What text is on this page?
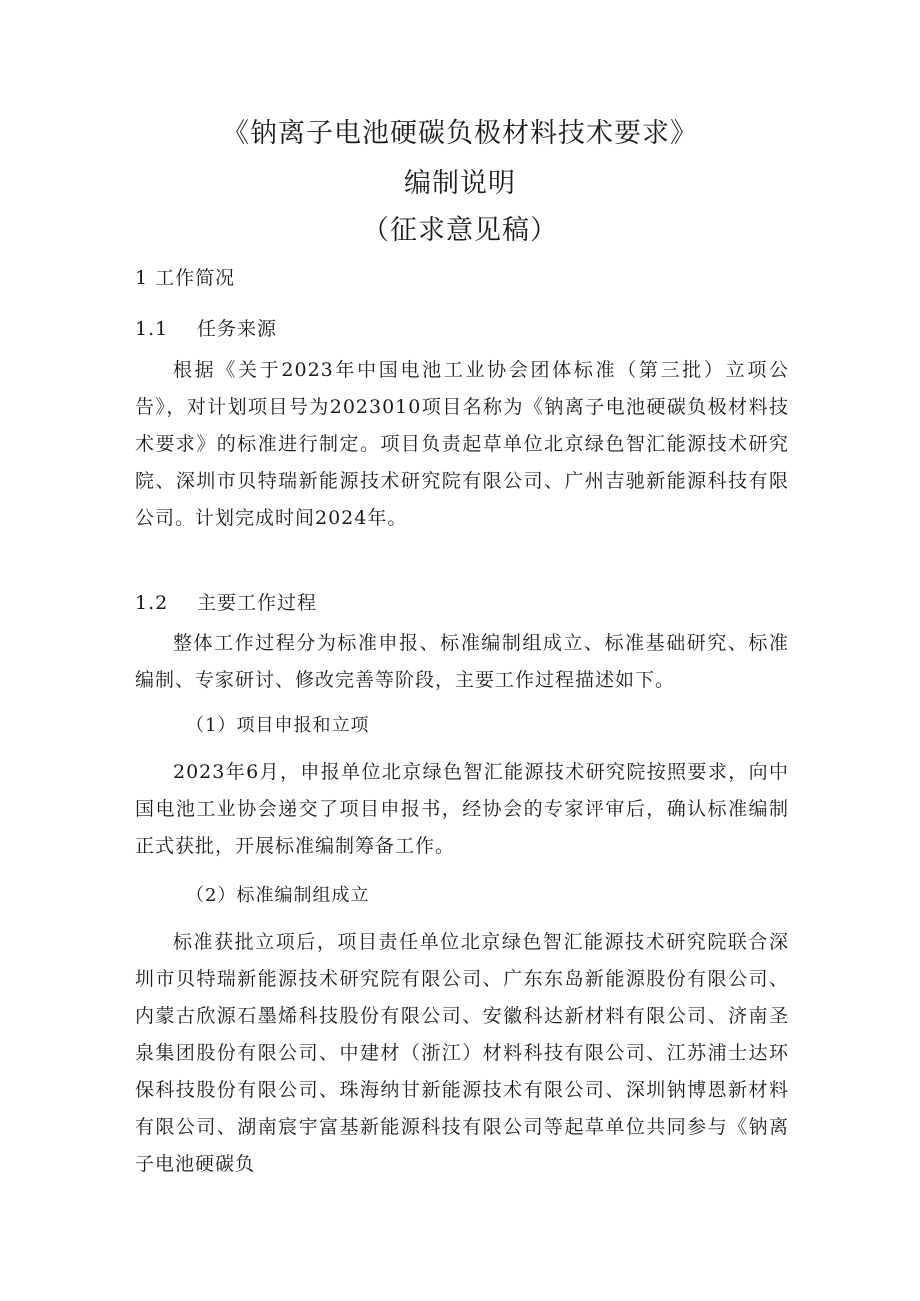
《钠离子电池硬碳负极材料技术要求》
编制说明
（征求意见稿）
1 工作简况
1.1 任务来源
根据《关于2023年中国电池工业协会团体标准（第三批）立项公告》，对计划项目号为2023010项目名称为《钠离子电池硬碳负极材料技术要求》的标准进行制定。项目负责起草单位北京绿色智汇能源技术研究院、深圳市贝特瑞新能源技术研究院有限公司、广州吉驰新能源科技有限公司。计划完成时间2024年。
1.2 主要工作过程
整体工作过程分为标准申报、标准编制组成立、标准基础研究、标准编制、专家研讨、修改完善等阶段，主要工作过程描述如下。
（1）项目申报和立项
2023年6月，申报单位北京绿色智汇能源技术研究院按照要求，向中国电池工业协会递交了项目申报书，经协会的专家评审后，确认标准编制正式获批，开展标准编制筹备工作。
（2）标准编制组成立
标准获批立项后，项目责任单位北京绿色智汇能源技术研究院联合深圳市贝特瑞新能源技术研究院有限公司、广东东岛新能源股份有限公司、内蒙古欣源石墨烯科技股份有限公司、安徽科达新材料有限公司、济南圣泉集团股份有限公司、中建材（浙江）材料科技有限公司、江苏浦士达环保科技股份有限公司、珠海纳甘新能源技术有限公司、深圳钠博恩新材料有限公司、湖南宸宇富基新能源科技有限公司等起草单位共同参与《钠离子电池硬碳负
